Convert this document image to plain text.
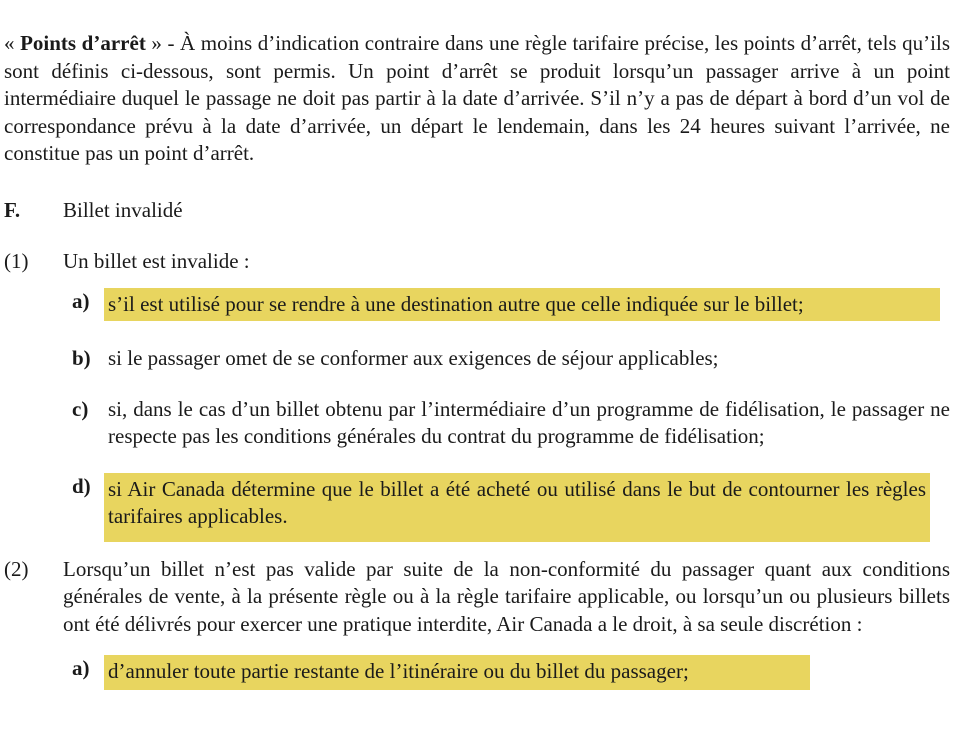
« Points d’arrêt » - À moins d’indication contraire dans une règle tarifaire précise, les points d’arrêt, tels qu’ils sont définis ci-dessous, sont permis. Un point d’arrêt se produit lorsqu’un passager arrive à un point intermédiaire duquel le passage ne doit pas partir à la date d’arrivée. S’il n’y a pas de départ à bord d’un vol de correspondance prévu à la date d’arrivée, un départ le lendemain, dans les 24 heures suivant l’arrivée, ne constitue pas un point d’arrêt.

F.	Billet invalidé
(1)	Un billet est invalide :
a) s’il est utilisé pour se rendre à une destination autre que celle indiquée sur le billet;
b) si le passager omet de se conformer aux exigences de séjour applicables;
c) si, dans le cas d’un billet obtenu par l’intermédiaire d’un programme de fidélisation, le passager ne respecte pas les conditions générales du contrat du programme de fidélisation;
d) si Air Canada détermine que le billet a été acheté ou utilisé dans le but de contourner les règles tarifaires applicables.
(2)	Lorsqu’un billet n’est pas valide par suite de la non-conformité du passager quant aux conditions générales de vente, à la présente règle ou à la règle tarifaire applicable, ou lorsqu’un ou plusieurs billets ont été délivrés pour exercer une pratique interdite, Air Canada a le droit, à sa seule discrétion :
a) d’annuler toute partie restante de l’itinéraire ou du billet du passager;
